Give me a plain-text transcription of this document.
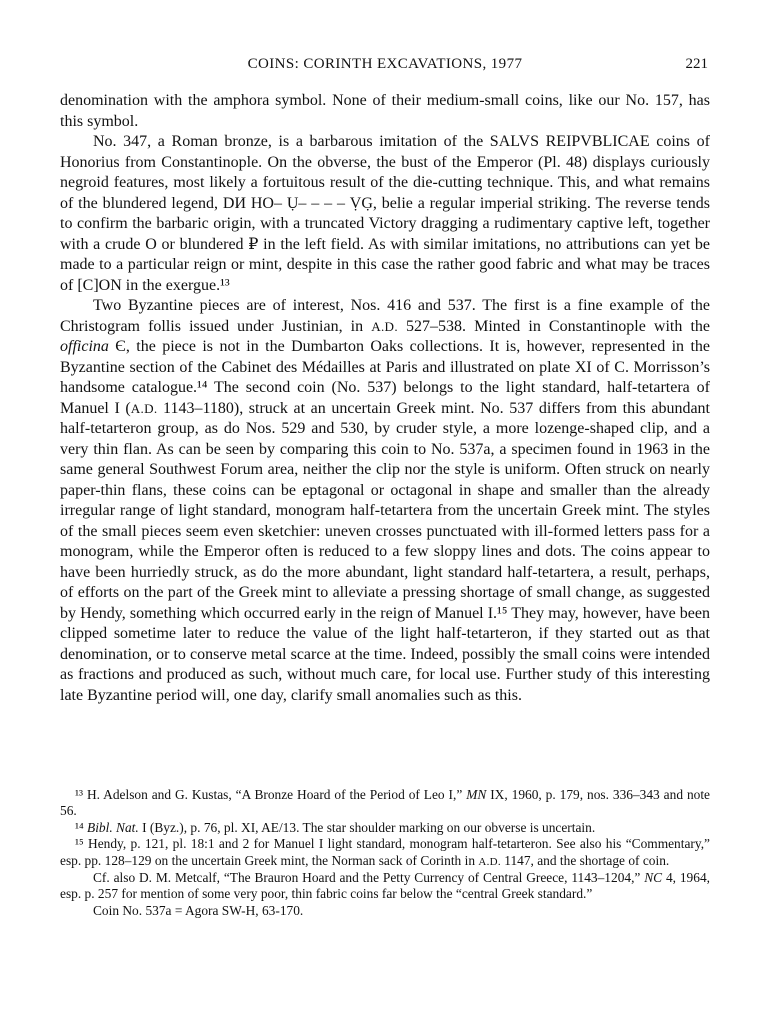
COINS: CORINTH EXCAVATIONS, 1977	221

denomination with the amphora symbol. None of their medium-small coins, like our No. 157, has this symbol.

No. 347, a Roman bronze, is a barbarous imitation of the SALVS REIPVBLICAE coins of Honorius from Constantinople. On the obverse, the bust of the Emperor (Pl. 48) displays curiously negroid features, most likely a fortuitous result of the die-cutting technique. This, and what remains of the blundered legend, DИ HO– Ụ– – – – ṾG̣, belie a regular imperial striking. The reverse tends to confirm the barbaric origin, with a truncated Victory dragging a rudimentary captive left, together with a crude O or blundered ₽ in the left field. As with similar imitations, no attributions can yet be made to a particular reign or mint, despite in this case the rather good fabric and what may be traces of [C]ON in the exergue.¹³

Two Byzantine pieces are of interest, Nos. 416 and 537. The first is a fine example of the Christogram follis issued under Justinian, in A.D. 527–538. Minted in Constantinople with the officina Є, the piece is not in the Dumbarton Oaks collections. It is, however, represented in the Byzantine section of the Cabinet des Médailles at Paris and illustrated on plate XI of C. Morrisson’s handsome catalogue.¹⁴ The second coin (No. 537) belongs to the light standard, half-tetartera of Manuel I (A.D. 1143–1180), struck at an uncertain Greek mint. No. 537 differs from this abundant half-tetarteron group, as do Nos. 529 and 530, by cruder style, a more lozenge-shaped clip, and a very thin flan. As can be seen by comparing this coin to No. 537a, a specimen found in 1963 in the same general Southwest Forum area, neither the clip nor the style is uniform. Often struck on nearly paper-thin flans, these coins can be eptagonal or octagonal in shape and smaller than the already irregular range of light standard, monogram half-tetartera from the uncertain Greek mint. The styles of the small pieces seem even sketchier: uneven crosses punctuated with ill-formed letters pass for a monogram, while the Emperor often is reduced to a few sloppy lines and dots. The coins appear to have been hurriedly struck, as do the more abundant, light standard half-tetartera, a result, perhaps, of efforts on the part of the Greek mint to alleviate a pressing shortage of small change, as suggested by Hendy, something which occurred early in the reign of Manuel I.¹⁵ They may, however, have been clipped sometime later to reduce the value of the light half-tetarteron, if they started out as that denomination, or to conserve metal scarce at the time. Indeed, possibly the small coins were intended as fractions and produced as such, without much care, for local use. Further study of this interesting late Byzantine period will, one day, clarify small anomalies such as this.

¹³ H. Adelson and G. Kustas, “A Bronze Hoard of the Period of Leo I,” MN IX, 1960, p. 179, nos. 336–343 and note 56.

¹⁴ Bibl. Nat. I (Byz.), p. 76, pl. XI, AE/13. The star shoulder marking on our obverse is uncertain.

¹⁵ Hendy, p. 121, pl. 18:1 and 2 for Manuel I light standard, monogram half-tetarteron. See also his “Commentary,” esp. pp. 128–129 on the uncertain Greek mint, the Norman sack of Corinth in A.D. 1147, and the shortage of coin.

Cf. also D. M. Metcalf, “The Brauron Hoard and the Petty Currency of Central Greece, 1143–1204,” NC 4, 1964, esp. p. 257 for mention of some very poor, thin fabric coins far below the “central Greek standard.”

Coin No. 537a = Agora SW-H, 63-170.
